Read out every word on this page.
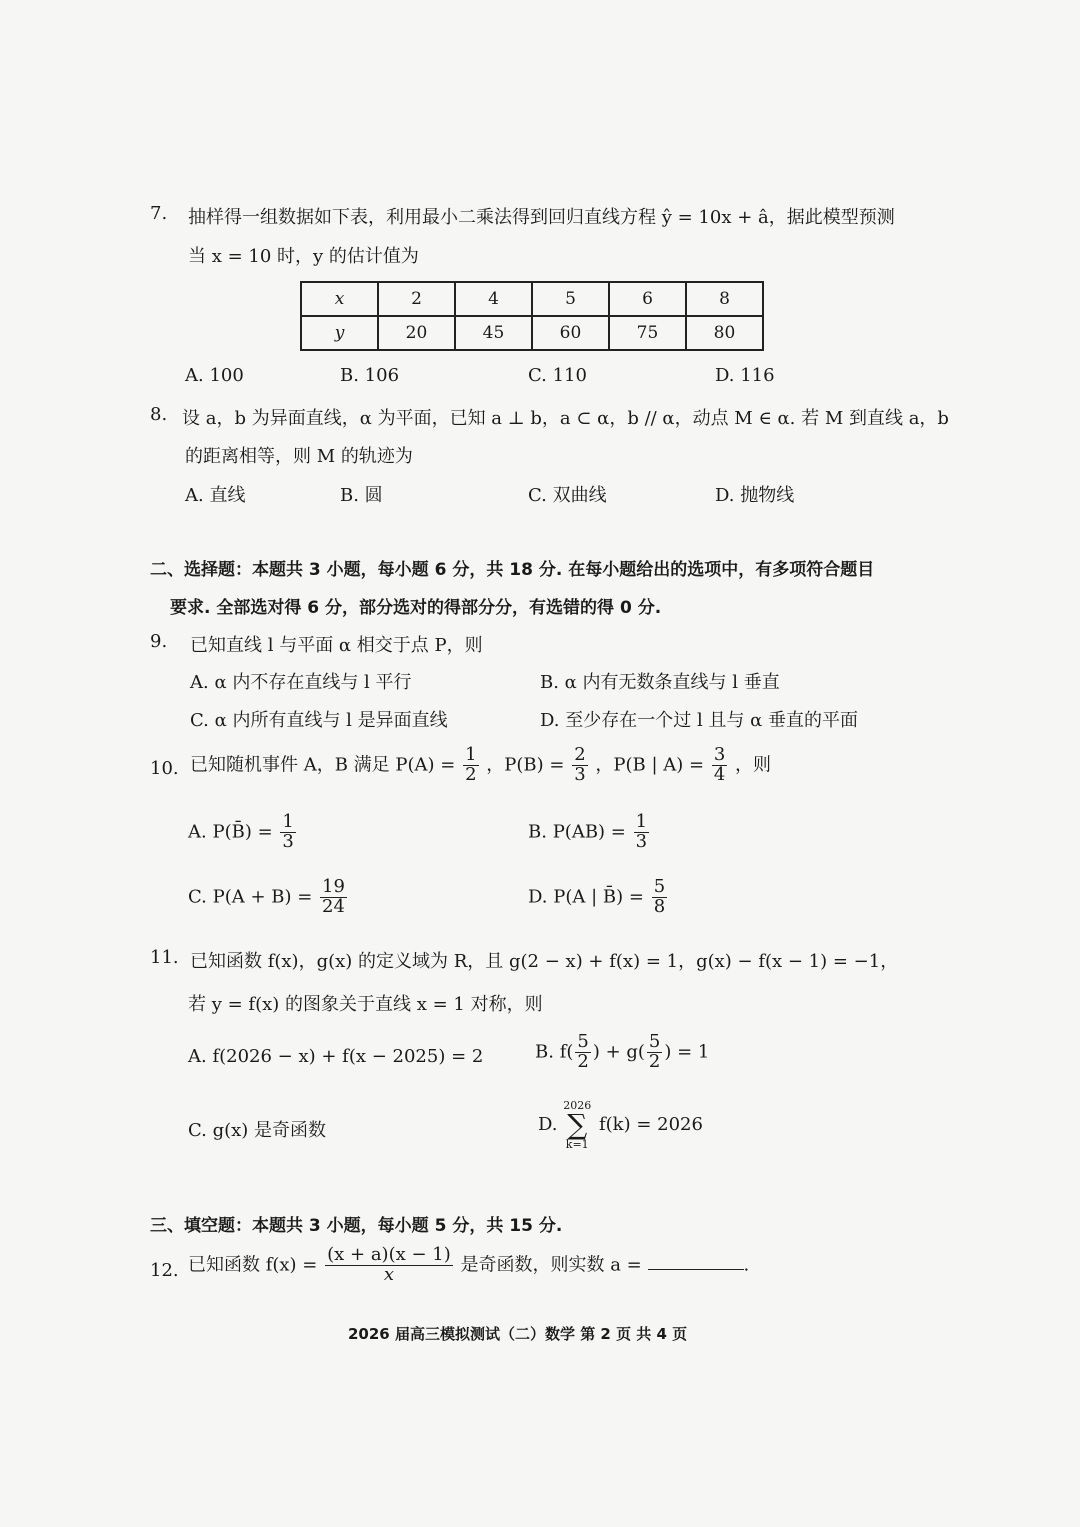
7. 抽样得一组数据如下表，利用最小二乘法得到回归直线方程 ŷ = 10x + â，据此模型预测
当 x = 10 时，y 的估计值为
x	2	4	5	6	8
y	20	45	60	75	80
A. 100	B. 106	C. 110	D. 116
8. 设 a，b 为异面直线，α 为平面，已知 a ⊥ b，a ⊂ α，b // α，动点 M ∈ α. 若 M 到直线 a，b
的距离相等，则 M 的轨迹为
A. 直线	B. 圆	C. 双曲线	D. 抛物线
二、选择题：本题共 3 小题，每小题 6 分，共 18 分. 在每小题给出的选项中，有多项符合题目
要求. 全部选对得 6 分，部分选对的得部分分，有选错的得 0 分.
9. 已知直线 l 与平面 α 相交于点 P，则
A. α 内不存在直线与 l 平行	B. α 内有无数条直线与 l 垂直
C. α 内所有直线与 l 是异面直线	D. 至少存在一个过 l 且与 α 垂直的平面
10. 已知随机事件 A，B 满足 $P(A) = \frac{1}{2}$ ，$P(B) = \frac{2}{3}$ ，P(B | $A) = \frac{3}{4}$ ，则
A. P(B̄) = $\frac{1}{3}$	B. $P(AB) = \frac{1}{3}$
C. $P(A + B) = \frac{19}{24}$	D. P(A | B̄) = $\frac{5}{8}$
11. 已知函数 f(x)，g(x) 的定义域为 R，且 g(2 − x) + f(x) = 1，g(x) − f(x − 1) = −1，
若 y = f(x) 的图象关于直线 x = 1 对称，则
A. f(2026 − x) + f(x − 2025) = 2	B. $f( \frac{5}{2}$ ) + $g( \frac{5}{2}$ ) = 1
C. g(x) 是奇函数	D.
2026
∑
k=1
f(k) = 2026
三、填空题：本题共 3 小题，每小题 5 分，共 15 分.
12. 已知函数 $f(x) = \frac{(x + a)(x - 1)}{x}$ 是奇函数，则实数 a =	.
2026 届高三模拟测试（二）数学 第 2 页 共 4 页
